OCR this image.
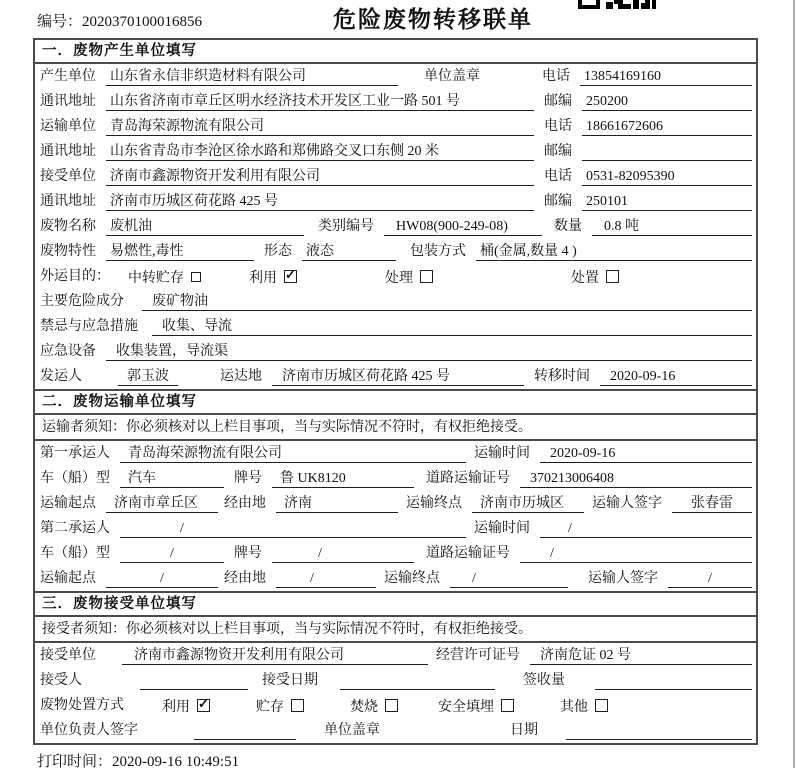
编号：2020370100016856	危险废物转移联单
一．废物产生单位填写
产生单位 山东省永信非织造材料有限公司	单位盖章	电话 13854169160
通讯地址 山东省济南市章丘区明水经济技术开发区工业一路 501 号	邮编 250200
运输单位 青岛海荣源物流有限公司	电话 18661672606
通讯地址 山东省青岛市李沧区徐水路和郑佛路交叉口东侧 20 米	邮编
接受单位 济南市鑫源物资开发利用有限公司	电话 0531-82095390
通讯地址 济南市历城区荷花路 425 号	邮编 250101
废物名称 废机油	类别编号	HW08(900-249-08)	数量	0.8 吨
废物特性 易燃性,毒性	形态 液态	包装方式 桶(金属,数量 4 )
外运目的： 中转贮存	利用 ✓	处理	处置
主要危险成分	废矿物油
禁忌与应急措施	收集、导流
应急设备	收集装置，导流渠
发运人	郭玉波	运达地	济南市历城区荷花路 425 号	转移时间	2020-09-16
二．废物运输单位填写
运输者须知：你必须核对以上栏目事项，当与实际情况不符时，有权拒绝接受。
第一承运人	青岛海荣源物流有限公司	运输时间	2020-09-16
车（船）型	汽车	牌号	鲁 UK8120	道路运输证号	370213006408
运输起点	济南市章丘区	经由地	济南	运输终点	济南市历城区	运输人签字	张春雷
第二承运人	/	运输时间	/
车（船）型	/	牌号	/	道路运输证号	/
运输起点	/	经由地	/	运输终点	/	运输人签字	/
三．废物接受单位填写
接受者须知：你必须核对以上栏目事项，当与实际情况不符时，有权拒绝接受。
接受单位	济南市鑫源物资开发利用有限公司	经营许可证号	济南危证 02 号
接受人	接受日期	签收量
废物处置方式	利用 ✓	贮存	焚烧	安全填埋	其他
单位负责人签字	单位盖章	日期
打印时间：2020-09-16 10:49:51
